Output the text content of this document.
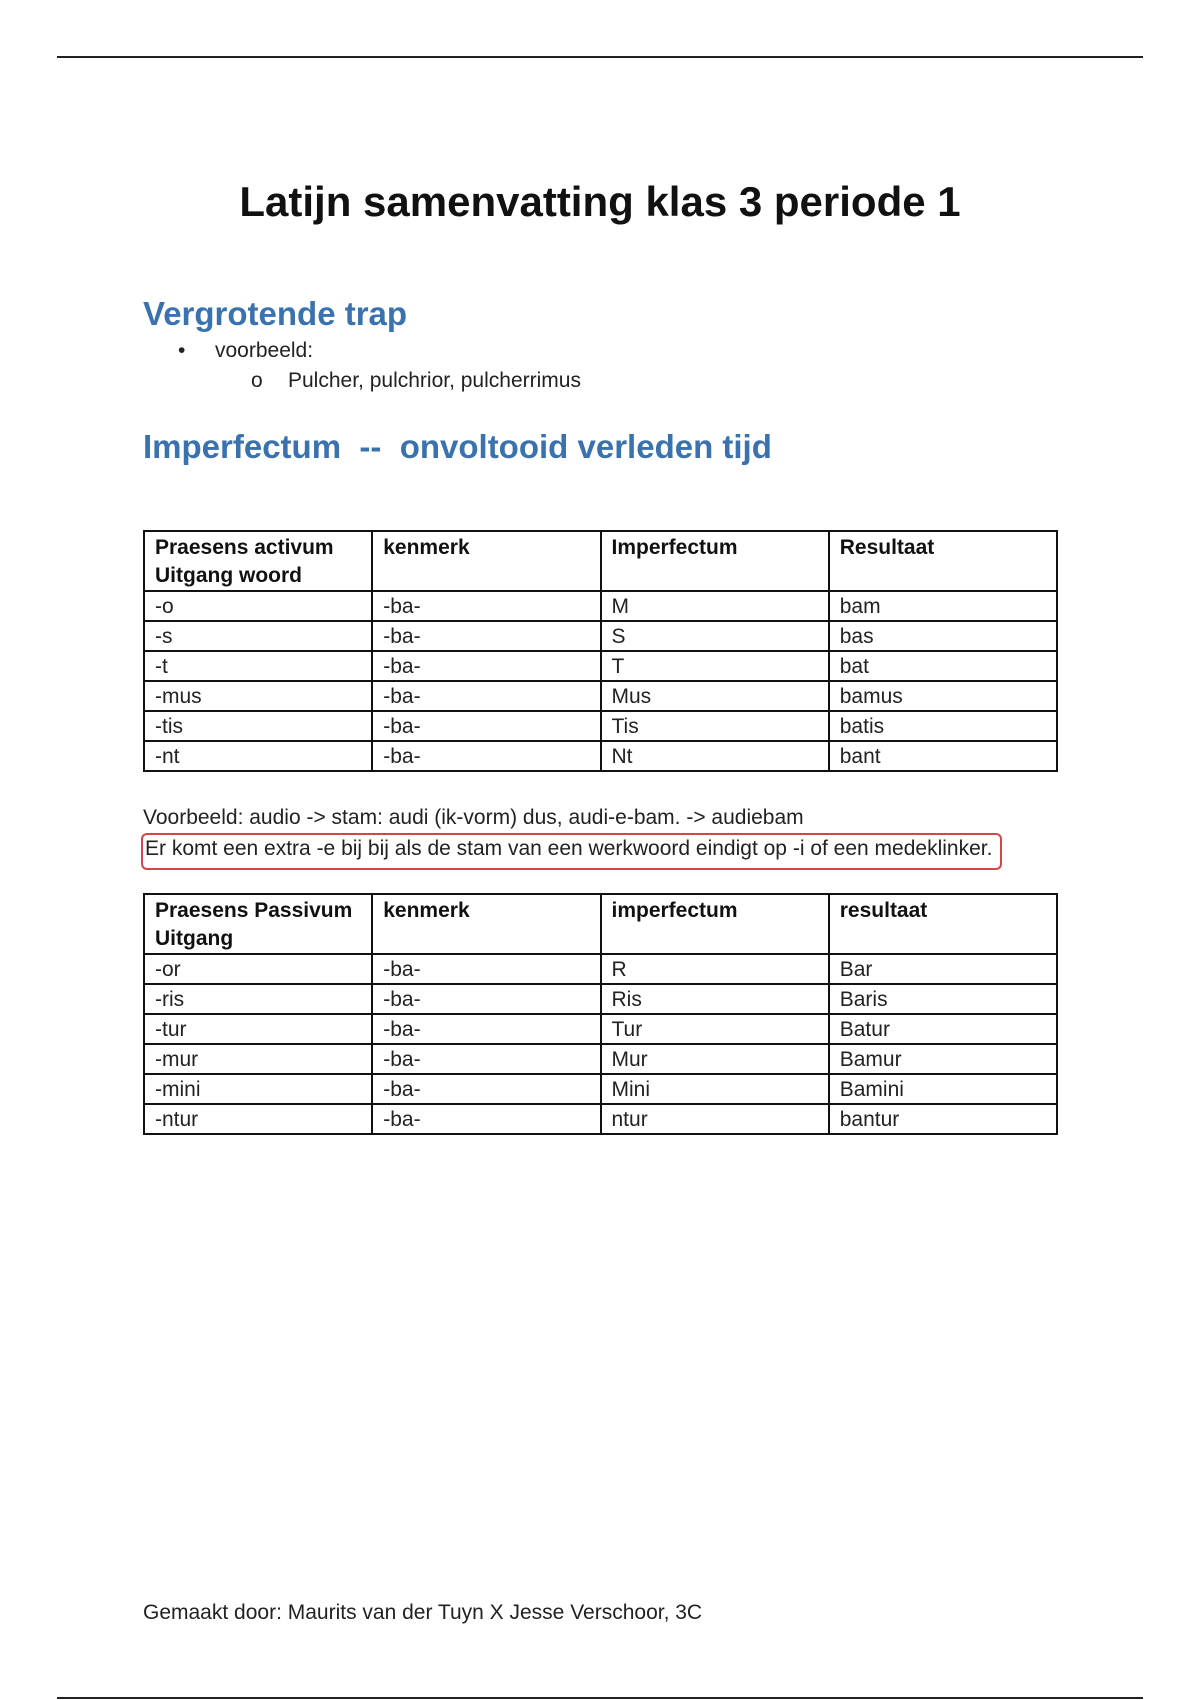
Latijn samenvatting klas 3 periode 1
Vergrotende trap
• voorbeeld:
o Pulcher, pulchrior, pulcherrimus
Imperfectum  --  onvoltooid verleden tijd
Praesens activum Uitgang woord	kenmerk	Imperfectum	Resultaat
-o	-ba-	M	bam
-s	-ba-	S	bas
-t	-ba-	T	bat
-mus	-ba-	Mus	bamus
-tis	-ba-	Tis	batis
-nt	-ba-	Nt	bant
Voorbeeld: audio -> stam: audi (ik-vorm) dus, audi-e-bam. -> audiebam
Er komt een extra -e bij bij als de stam van een werkwoord eindigt op -i of een medeklinker.
Praesens Passivum Uitgang	kenmerk	imperfectum	resultaat
-or	-ba-	R	Bar
-ris	-ba-	Ris	Baris
-tur	-ba-	Tur	Batur
-mur	-ba-	Mur	Bamur
-mini	-ba-	Mini	Bamini
-ntur	-ba-	ntur	bantur
Gemaakt door: Maurits van der Tuyn X Jesse Verschoor, 3C
